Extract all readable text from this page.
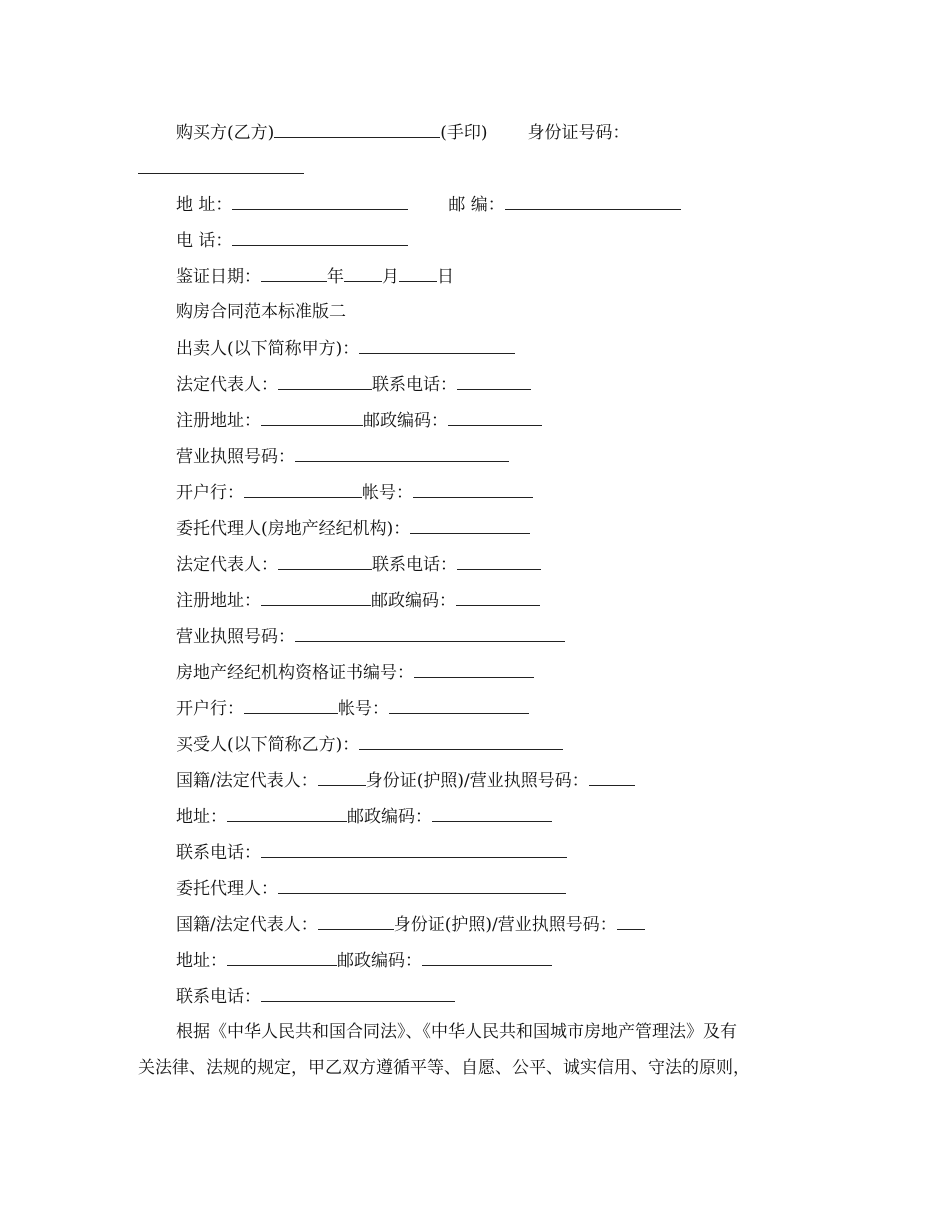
购买方(乙方)	(手印) 身份证号码：
地 址：	邮 编：
电 话：
鉴证日期：	年 月 日
购房合同范本标准版二
出卖人(以下简称甲方)：
法定代表人：	联系电话：
注册地址：	邮政编码：
营业执照号码：
开户行：	帐号：
委托代理人(房地产经纪机构)：
法定代表人：	联系电话：
注册地址：	邮政编码：
营业执照号码：
房地产经纪机构资格证书编号：
开户行：	帐号：
买受人(以下简称乙方)：
国籍/法定代表人：	身份证(护照)/营业执照号码：
地址：	邮政编码：
联系电话：
委托代理人：
国籍/法定代表人：	身份证(护照)/营业执照号码：
地址：	邮政编码：
联系电话：
根据《中华人民共和国合同法》、《中华人民共和国城市房地产管理法》及有
关法律、法规的规定，甲乙双方遵循平等、自愿、公平、诚实信用、守法的原则，
